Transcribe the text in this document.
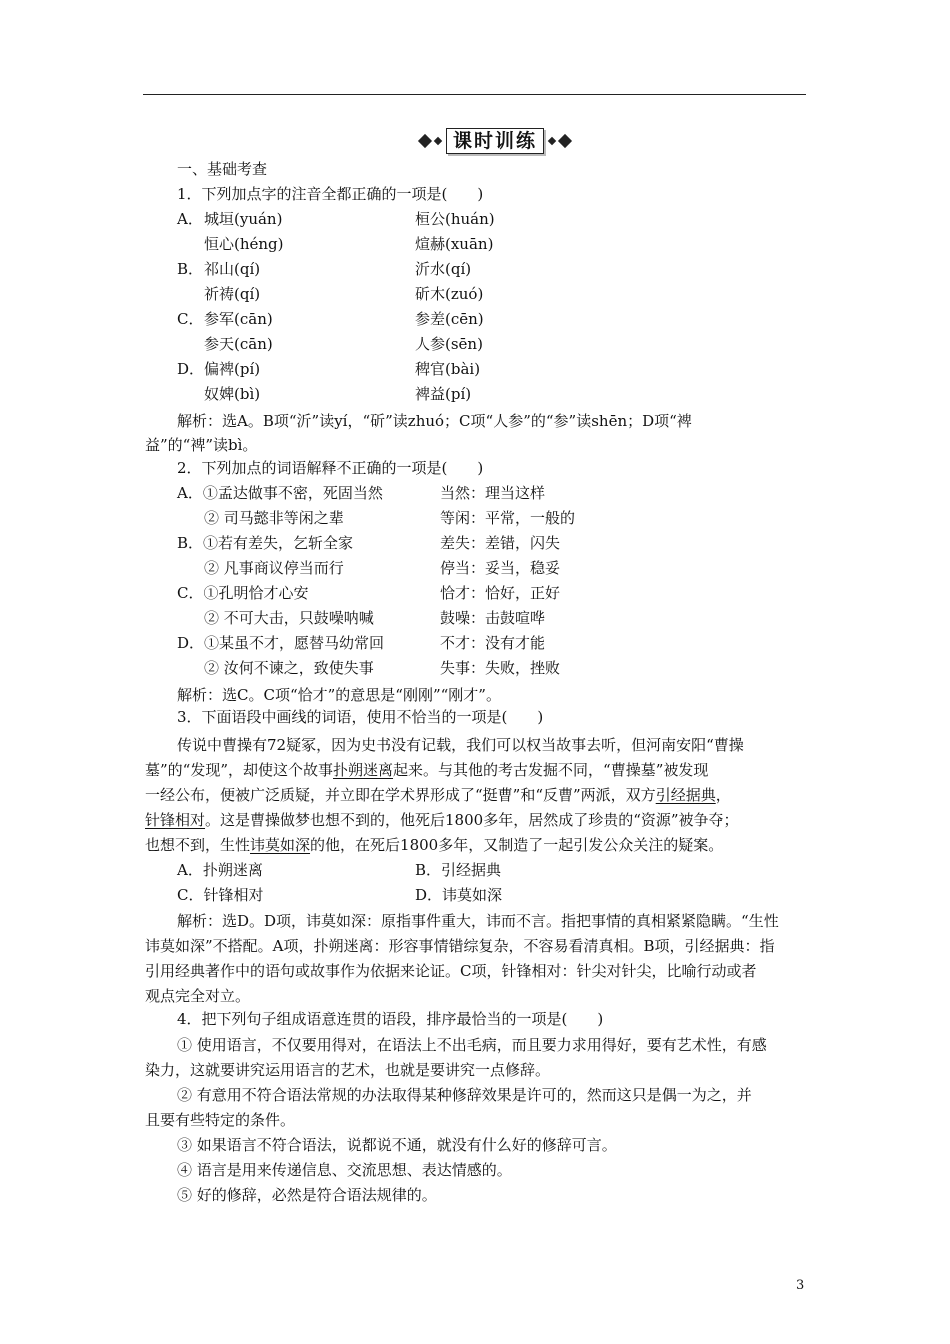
课时训练
一、基础考查
1．下列加点字的注音全都正确的一项是(　　)
A． 城垣(yuán)	桓公(huán)
恒心(héng)	煊赫(xuān)
B． 祁山(qí)	沂水(qí)
祈祷(qí)	斫木(zuó)
C． 参军(cān)	参差(cēn)
参天(cān)	人参(sēn)
D． 偏裨(pí)	稗官(bài)
奴婢(bì)	裨益(pí)
解析：选A。B项“沂”读yí，“斫”读zhuó；C项“人参”的“参”读shēn；D项“裨
益”的“裨”读bì。
2．下列加点的词语解释不正确的一项是(　　)
A．①孟达做事不密，死固当然	当然：理当这样
② 司马懿非等闲之辈	等闲：平常，一般的
B．①若有差失，乞斩全家	差失：差错，闪失
② 凡事商议停当而行	停当：妥当，稳妥
C．①孔明恰才心安	恰才：恰好，正好
② 不可大击，只鼓噪呐喊	鼓噪：击鼓喧哗
D．①某虽不才，愿替马幼常回	不才：没有才能
② 汝何不谏之，致使失事	失事：失败，挫败
解析：选C。C项“恰才”的意思是“刚刚”“刚才”。
3．下面语段中画线的词语，使用不恰当的一项是(　　)
传说中曹操有72疑冢，因为史书没有记载，我们可以权当故事去听，但河南安阳“曹操
墓”的“发现”，却使这个故事扑朔迷离起来。与其他的考古发掘不同，“曹操墓”被发现
一经公布，便被广泛质疑，并立即在学术界形成了“挺曹”和“反曹”两派，双方引经据典，
针锋相对。这是曹操做梦也想不到的，他死后1800多年，居然成了珍贵的“资源”被争夺；
也想不到，生性讳莫如深的他，在死后1800多年，又制造了一起引发公众关注的疑案。
A．扑朔迷离	B．引经据典
C．针锋相对	D．讳莫如深
解析：选D。D项，讳莫如深：原指事件重大，讳而不言。指把事情的真相紧紧隐瞒。“生性
讳莫如深”不搭配。A项，扑朔迷离：形容事情错综复杂，不容易看清真相。B项，引经据典：指
引用经典著作中的语句或故事作为依据来论证。C项，针锋相对：针尖对针尖，比喻行动或者
观点完全对立。
4．把下列句子组成语意连贯的语段，排序最恰当的一项是(　　)
① 使用语言，不仅要用得对，在语法上不出毛病，而且要力求用得好，要有艺术性，有感
染力，这就要讲究运用语言的艺术，也就是要讲究一点修辞。
② 有意用不符合语法常规的办法取得某种修辞效果是许可的，然而这只是偶一为之，并
且要有些特定的条件。
③ 如果语言不符合语法，说都说不通，就没有什么好的修辞可言。
④ 语言是用来传递信息、交流思想、表达情感的。
⑤ 好的修辞，必然是符合语法规律的。
3
